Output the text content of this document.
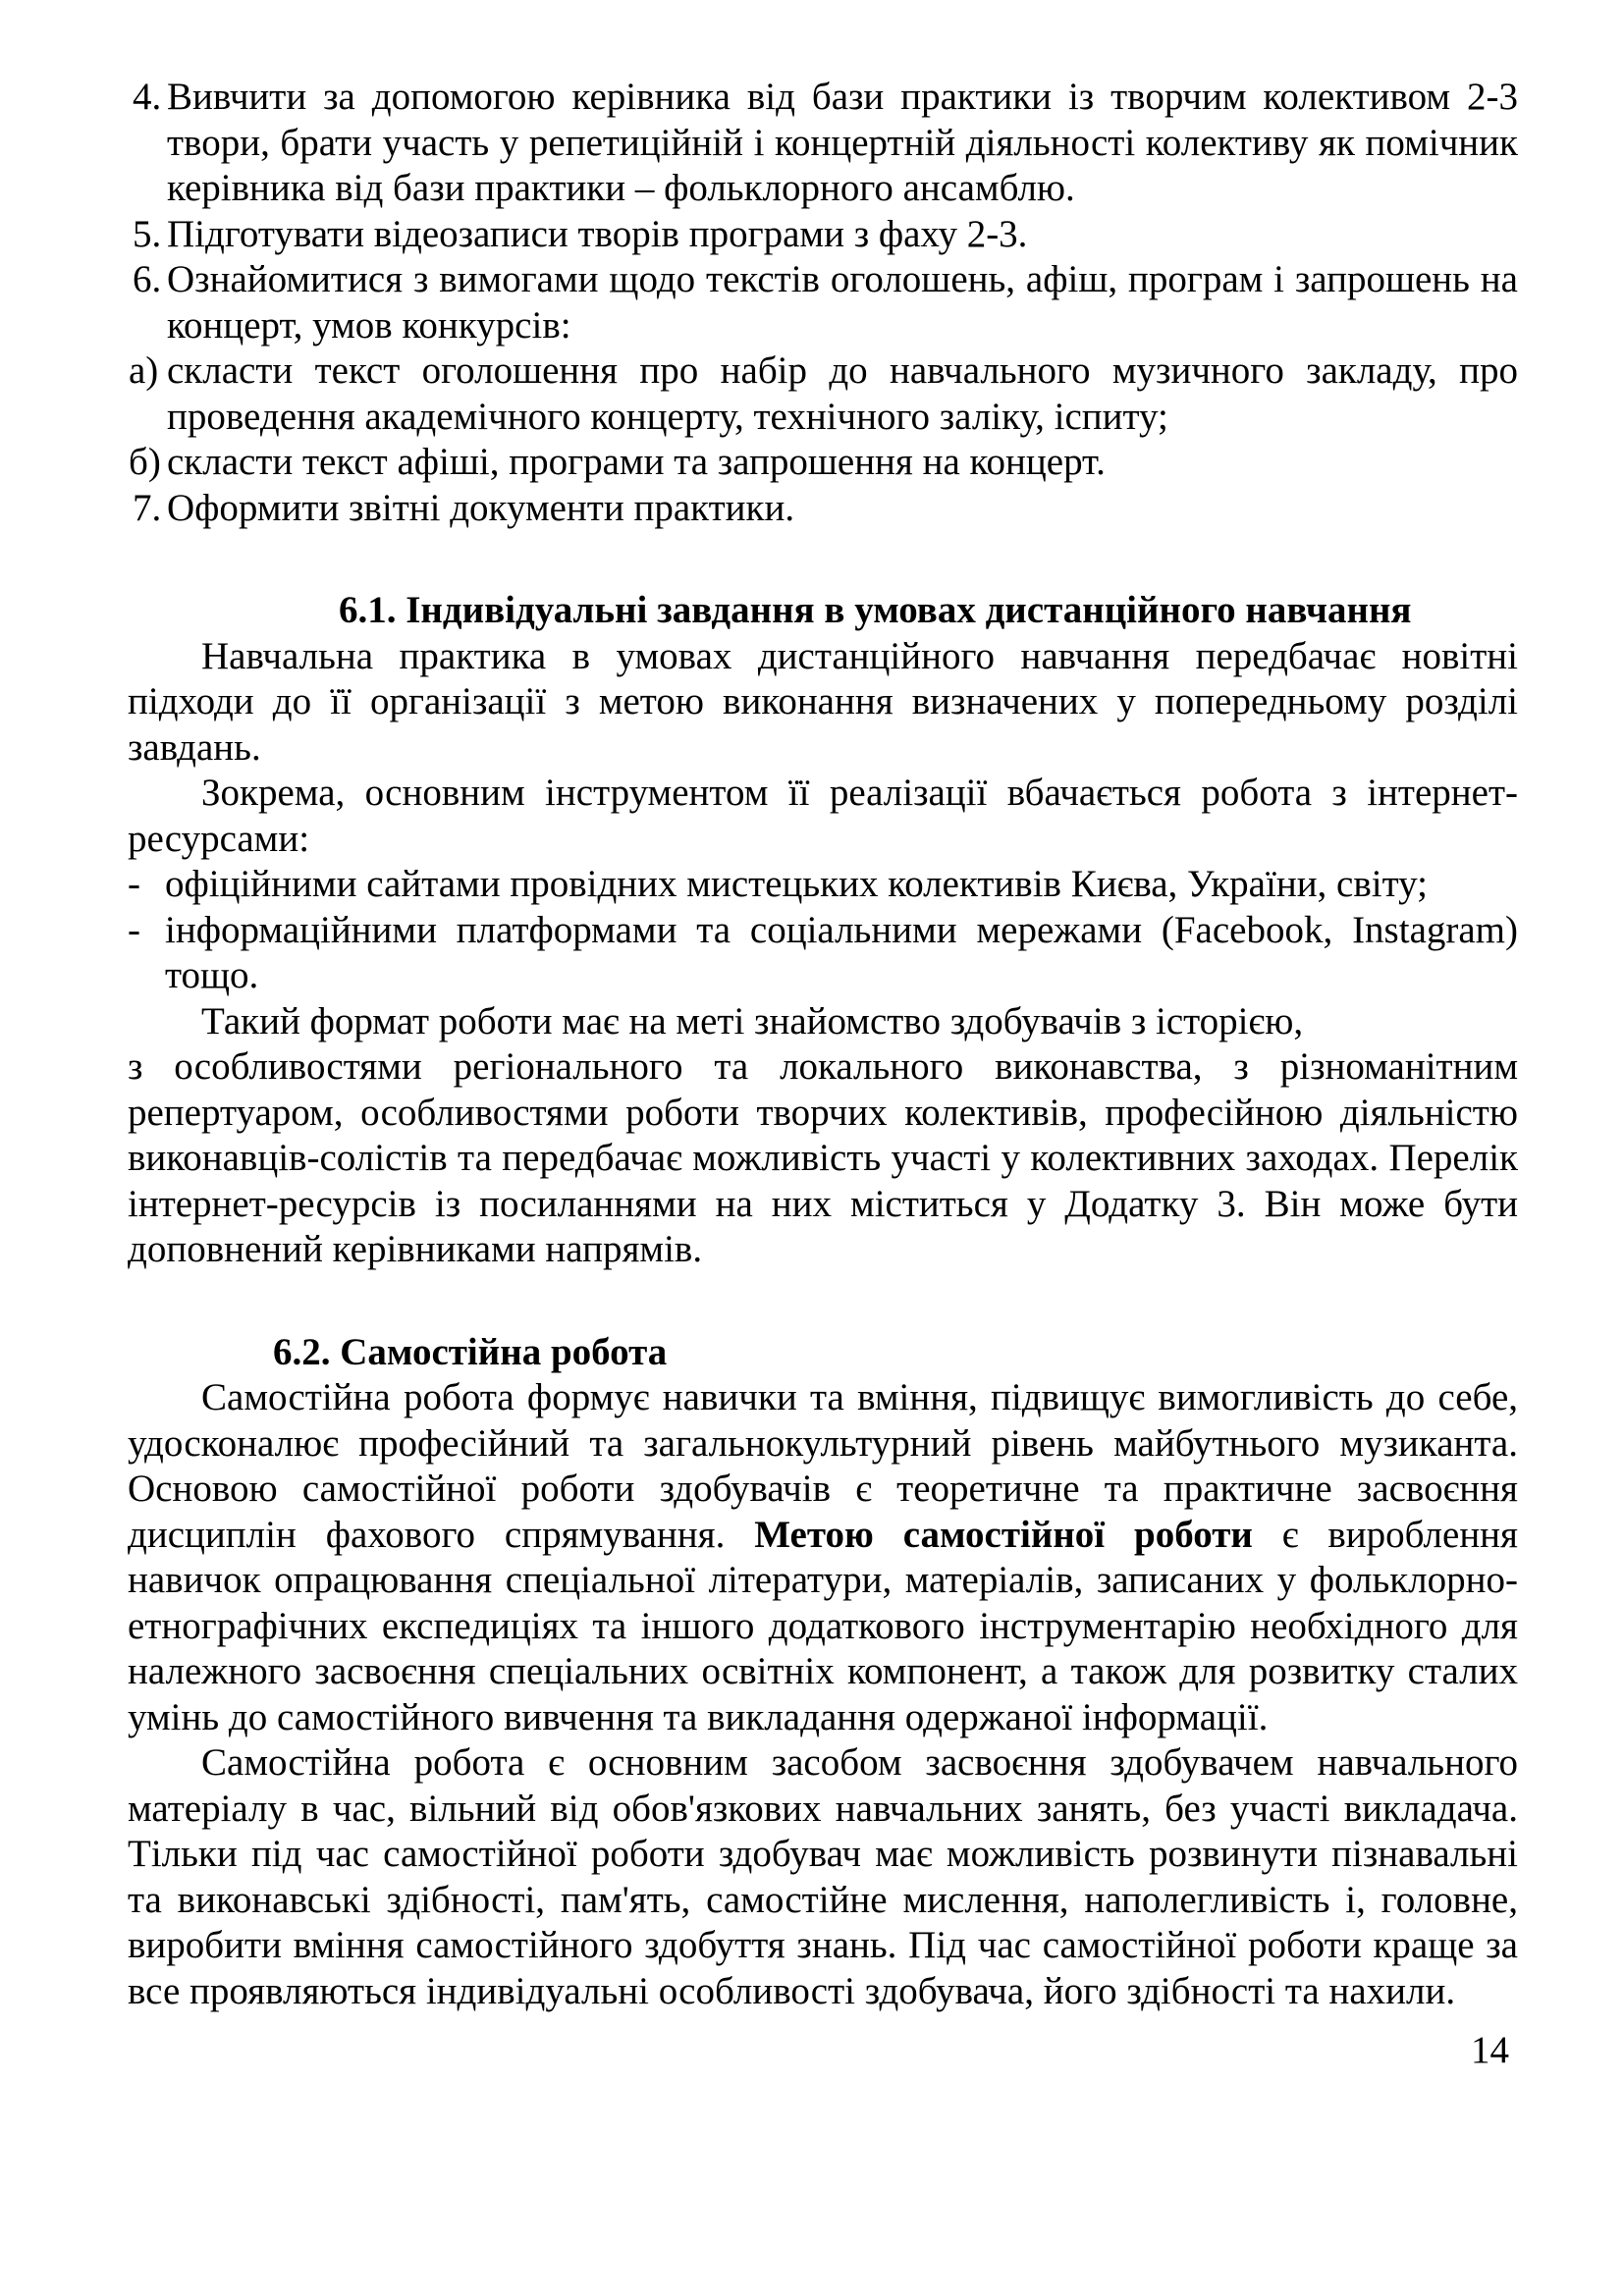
4. Вивчити за допомогою керівника від бази практики із творчим колективом 2-3 твори, брати участь у репетиційній і концертній діяльності колективу як помічник керівника від бази практики – фольклорного ансамблю.
5. Підготувати відеозаписи творів програми з фаху 2-3.
6. Ознайомитися з вимогами щодо текстів оголошень, афіш, програм і запрошень на концерт, умов конкурсів:
а) скласти текст оголошення про набір до навчального музичного закладу, про проведення академічного концерту, технічного заліку, іспиту;
б) скласти текст афіші, програми та запрошення на концерт.
7. Оформити звітні документи практики.

6.1. Індивідуальні завдання в умовах дистанційного навчання

Навчальна практика в умовах дистанційного навчання передбачає новітні підходи до її організації з метою виконання визначених у попередньому розділі завдань.

Зокрема, основним інструментом її реалізації вбачається робота з інтернет-ресурсами:

- офіційними сайтами провідних мистецьких колективів Києва, України, світу;
- інформаційними платформами та соціальними мережами (Facebook, Instagram) тощо.

Такий формат роботи має на меті знайомство здобувачів з історією,
з особливостями регіонального та локального виконавства, з різноманітним репертуаром, особливостями роботи творчих колективів, професійною діяльністю виконавців-солістів та передбачає можливість участі у колективних заходах. Перелік інтернет-ресурсів із посиланнями на них міститься у Додатку 3. Він може бути доповнений керівниками напрямів.

6.2. Самостійна робота

Самостійна робота формує навички та вміння, підвищує вимогливість до себе, удосконалює професійний та загальнокультурний рівень майбутнього музиканта. Основою самостійної роботи здобувачів є теоретичне та практичне засвоєння дисциплін фахового спрямування. Метою самостійної роботи є вироблення навичок опрацювання спеціальної літератури, матеріалів, записаних у фольклорно-етнографічних експедиціях та іншого додаткового інструментарію необхідного для належного засвоєння спеціальних освітніх компонент, а також для розвитку сталих умінь до самостійного вивчення та викладання одержаної інформації.

Самостійна робота є основним засобом засвоєння здобувачем навчального матеріалу в час, вільний від обов'язкових навчальних занять, без участі викладача. Тільки під час самостійної роботи здобувач має можливість розвинути пізнавальні та виконавські здібності, пам'ять, самостійне мислення, наполегливість і, головне, виробити вміння самостійного здобуття знань. Під час самостійної роботи краще за все проявляються індивідуальні особливості здобувача, його здібності та нахили.

14
